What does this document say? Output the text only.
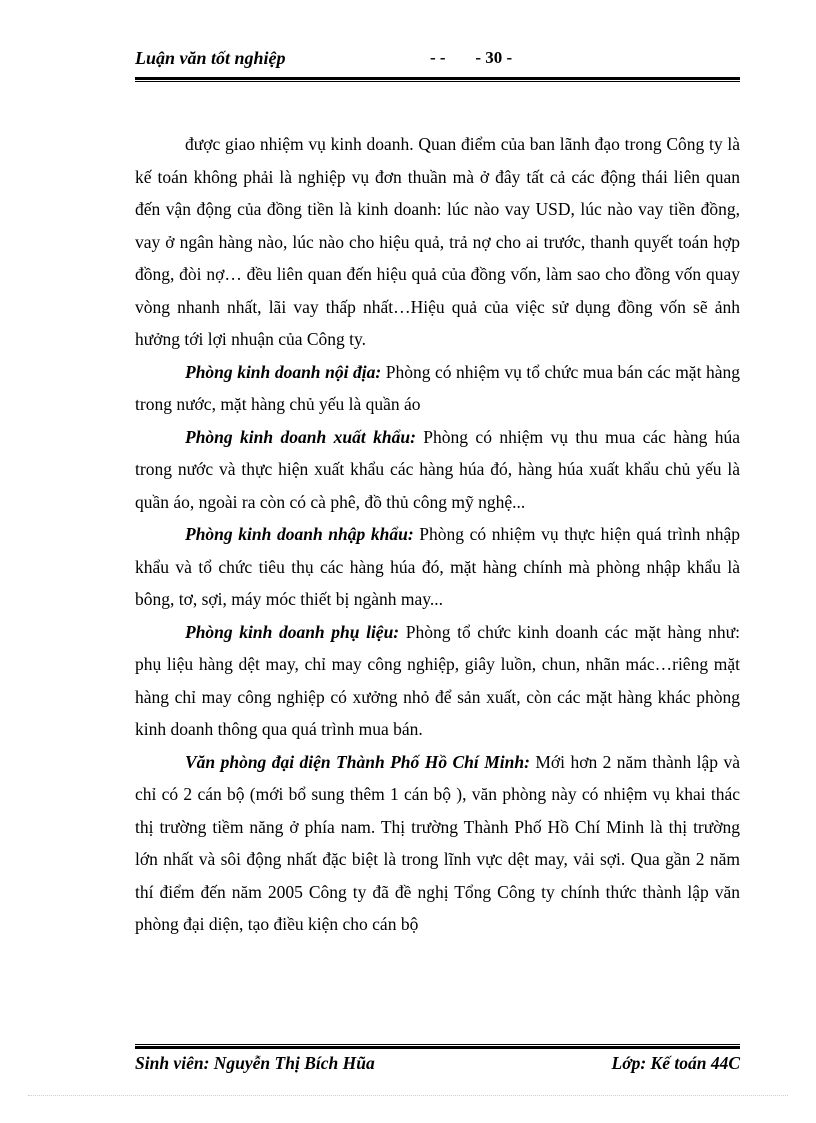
Luận văn tốt nghiệp	- -       - 30 -

được giao nhiệm vụ kinh doanh. Quan điểm của ban lãnh đạo trong Công ty là kế toán không phải là nghiệp vụ đơn thuần mà ở đây tất cả các động thái liên quan đến vận động của đồng tiền là kinh doanh: lúc nào vay USD, lúc nào vay tiền đồng, vay ở ngân hàng nào, lúc nào cho hiệu quả, trả nợ cho ai trước, thanh quyết toán hợp đồng, đòi nợ… đều liên quan đến hiệu quả của đồng vốn, làm sao cho đồng vốn quay vòng nhanh nhất, lãi vay thấp nhất…Hiệu quả của việc sử dụng đồng vốn sẽ ảnh hưởng tới lợi nhuận của Công ty.

Phòng kinh doanh nội địa: Phòng có nhiệm vụ tổ chức mua bán các mặt hàng trong nước, mặt hàng chủ yếu là quần áo

Phòng kinh doanh xuất khẩu: Phòng có nhiệm vụ thu mua các hàng húa trong nước và thực hiện xuất khẩu các hàng húa đó, hàng húa xuất khẩu chủ yếu là quần áo, ngoài ra còn có cà phê, đồ thủ công mỹ nghệ...

Phòng kinh doanh nhập khẩu: Phòng có nhiệm vụ thực hiện quá trình nhập khẩu và tổ chức tiêu thụ các hàng húa đó, mặt hàng chính mà phòng nhập khẩu là bông, tơ, sợi, máy móc thiết bị ngành may...

Phòng kinh doanh phụ liệu: Phòng tổ chức kinh doanh các mặt hàng như: phụ liệu hàng dệt may, chỉ may công nghiệp, giây luồn, chun, nhãn mác…riêng mặt hàng chỉ may công nghiệp có xưởng nhỏ để sản xuất, còn các mặt hàng khác phòng kinh doanh thông qua quá trình mua bán.

Văn phòng đại diện Thành Phố Hồ Chí Minh: Mới hơn 2 năm thành lập và chỉ có 2 cán bộ (mới bổ sung thêm 1 cán bộ ), văn phòng này có nhiệm vụ khai thác thị trường tiềm năng ở phía nam. Thị trường Thành Phố Hồ Chí Minh là thị trường lớn nhất và sôi động nhất đặc biệt là trong lĩnh vực dệt may, vải sợi. Qua gần 2 năm thí điểm đến năm 2005 Công ty đã đề nghị Tổng Công ty chính thức thành lập văn phòng đại diện, tạo điều kiện cho cán bộ

Sinh viên: Nguyễn Thị Bích Hũa	Lớp: Kế toán 44C
